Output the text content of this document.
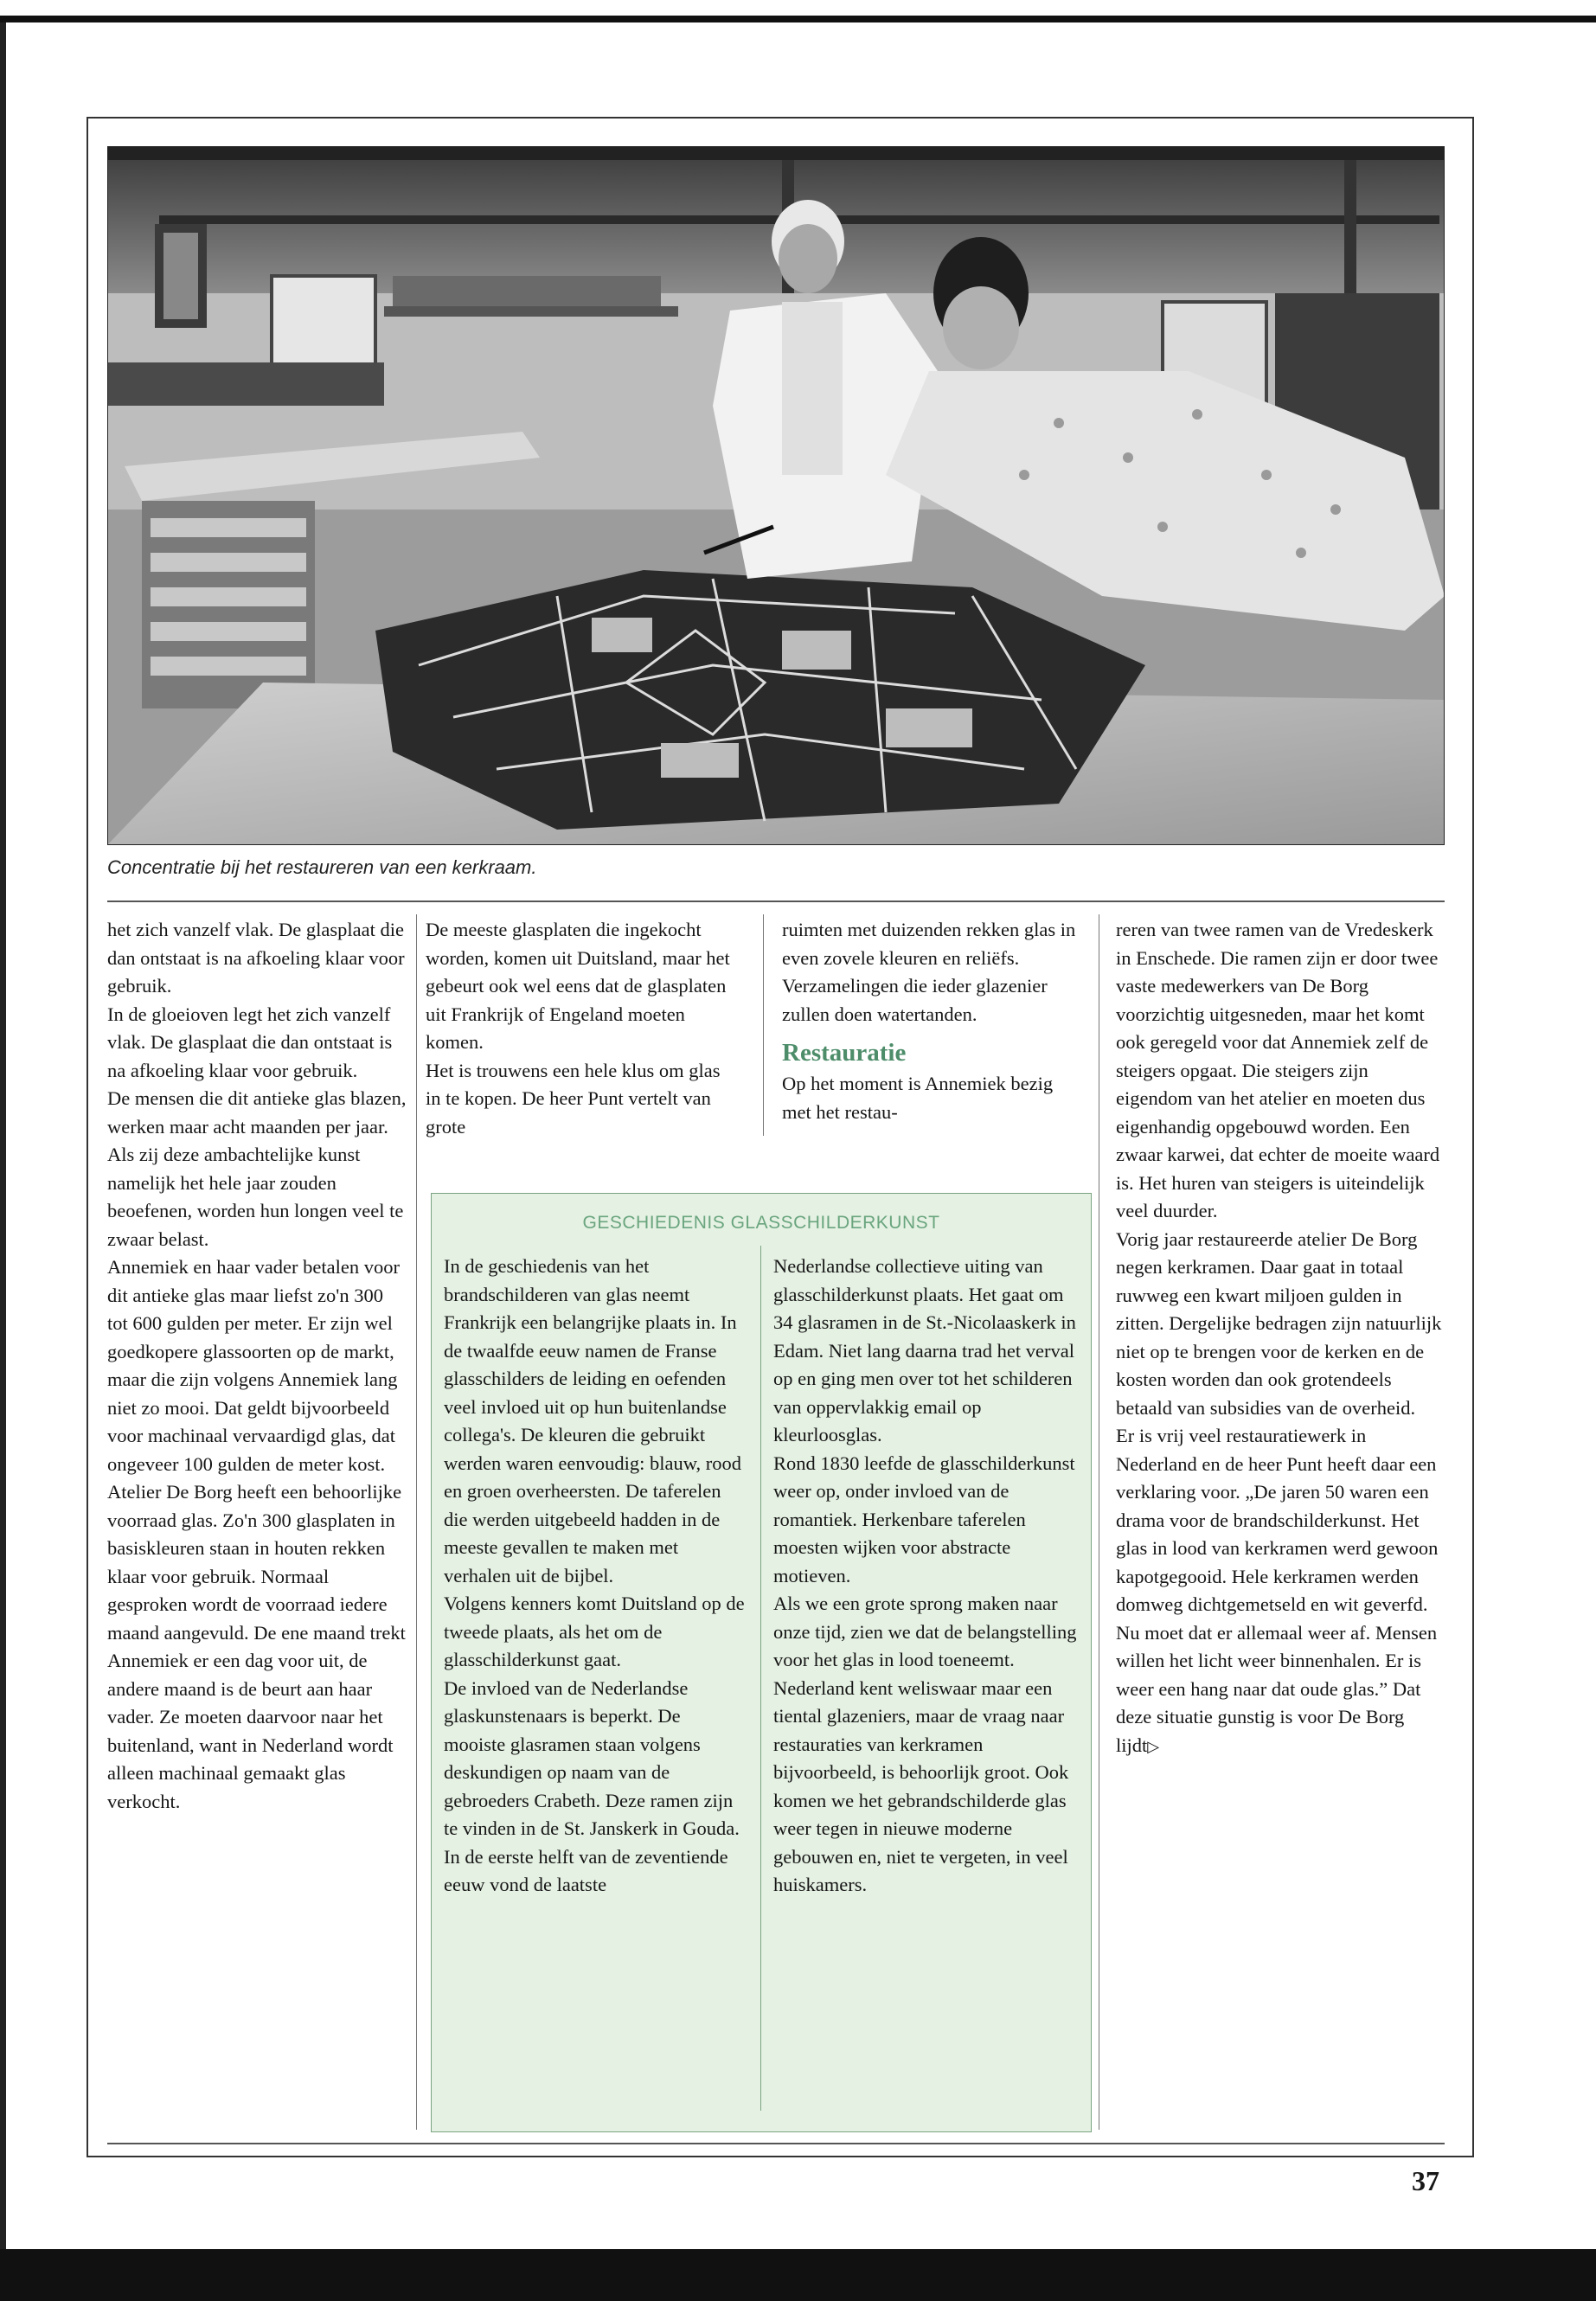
Concentratie bij het restaureren van een kerkraam.

het zich vanzelf vlak. De glasplaat die dan ontstaat is na afkoeling klaar voor gebruik.

In de gloeioven legt het zich vanzelf vlak. De glasplaat die dan ontstaat is na afkoeling klaar voor gebruik.

De mensen die dit antieke glas blazen, werken maar acht maanden per jaar. Als zij deze ambachtelijke kunst namelijk het hele jaar zouden beoefenen, worden hun longen veel te zwaar belast.

Annemiek en haar vader betalen voor dit antieke glas maar liefst zo'n 300 tot 600 gulden per meter. Er zijn wel goedkopere glassoorten op de markt, maar die zijn volgens Annemiek lang niet zo mooi. Dat geldt bijvoorbeeld voor machinaal vervaardigd glas, dat ongeveer 100 gulden de meter kost.

Atelier De Borg heeft een behoorlijke voorraad glas. Zo'n 300 glasplaten in basiskleuren staan in houten rekken klaar voor gebruik. Normaal gesproken wordt de voorraad iedere maand aangevuld. De ene maand trekt Annemiek er een dag voor uit, de andere maand is de beurt aan haar vader. Ze moeten daarvoor naar het buitenland, want in Nederland wordt alleen machinaal gemaakt glas verkocht.

De meeste glasplaten die ingekocht worden, komen uit Duitsland, maar het gebeurt ook wel eens dat de glasplaten uit Frankrijk of Engeland moeten komen.

Het is trouwens een hele klus om glas in te kopen. De heer Punt vertelt van grote

ruimten met duizenden rekken glas in even zovele kleuren en reliëfs. Verzamelingen die ieder glazenier zullen doen watertanden.

Restauratie

Op het moment is Annemiek bezig met het restau-

reren van twee ramen van de Vredeskerk in Enschede. Die ramen zijn er door twee vaste medewerkers van De Borg voorzichtig uitgesneden, maar het komt ook geregeld voor dat Annemiek zelf de steigers opgaat. Die steigers zijn eigendom van het atelier en moeten dus eigenhandig opgebouwd worden. Een zwaar karwei, dat echter de moeite waard is. Het huren van steigers is uiteindelijk veel duurder.

Vorig jaar restaureerde atelier De Borg negen kerkramen. Daar gaat in totaal ruwweg een kwart miljoen gulden in zitten. Dergelijke bedragen zijn natuurlijk niet op te brengen voor de kerken en de kosten worden dan ook grotendeels betaald van subsidies van de overheid.

Er is vrij veel restauratiewerk in Nederland en de heer Punt heeft daar een verklaring voor. „De jaren 50 waren een drama voor de brandschilderkunst. Het glas in lood van kerkramen werd gewoon kapotgegooid. Hele kerkramen werden domweg dichtgemetseld en wit geverfd. Nu moet dat er allemaal weer af. Mensen willen het licht weer binnenhalen. Er is weer een hang naar dat oude glas.” Dat deze situatie gunstig is voor De Borg lijdt▷

GESCHIEDENIS GLASSCHILDERKUNST

In de geschiedenis van het brandschilderen van glas neemt Frankrijk een belangrijke plaats in. In de twaalfde eeuw namen de Franse glasschilders de leiding en oefenden veel invloed uit op hun buitenlandse collega's. De kleuren die gebruikt werden waren eenvoudig: blauw, rood en groen overheersten. De taferelen die werden uitgebeeld hadden in de meeste gevallen te maken met verhalen uit de bijbel.

Volgens kenners komt Duitsland op de tweede plaats, als het om de glasschilderkunst gaat.

De invloed van de Nederlandse glaskunstenaars is beperkt. De mooiste glasramen staan volgens deskundigen op naam van de gebroeders Crabeth. Deze ramen zijn te vinden in de St. Janskerk in Gouda. In de eerste helft van de zeventiende eeuw vond de laatste

Nederlandse collectieve uiting van glasschilderkunst plaats. Het gaat om 34 glasramen in de St.-Nicolaaskerk in Edam. Niet lang daarna trad het verval op en ging men over tot het schilderen van oppervlakkig email op kleurloosglas.

Rond 1830 leefde de glasschilderkunst weer op, onder invloed van de romantiek. Herkenbare taferelen moesten wijken voor abstracte motieven.

Als we een grote sprong maken naar onze tijd, zien we dat de belangstelling voor het glas in lood toeneemt. Nederland kent weliswaar maar een tiental glazeniers, maar de vraag naar restauraties van kerkramen bijvoorbeeld, is behoorlijk groot. Ook komen we het gebrandschilderde glas weer tegen in nieuwe moderne gebouwen en, niet te vergeten, in veel huiskamers.

37
